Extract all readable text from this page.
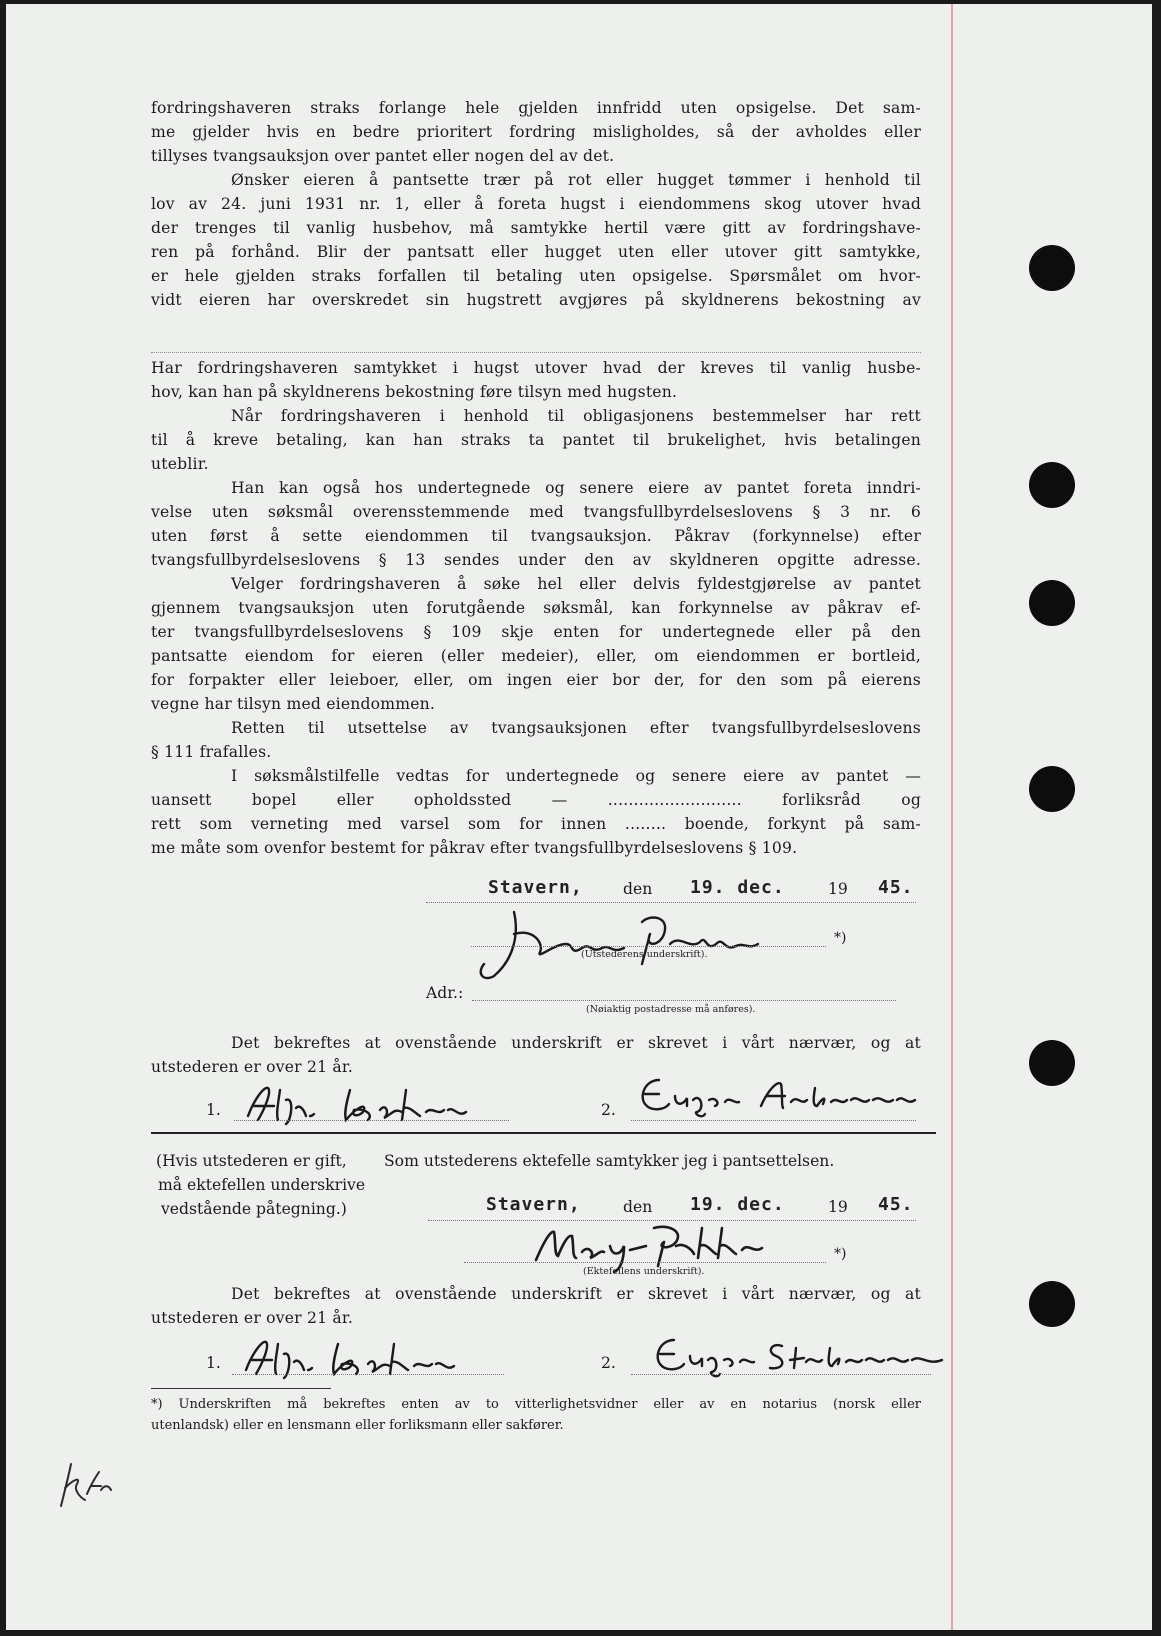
fordringshaveren straks forlange hele gjelden innfridd uten opsigelse. Det sam-
me gjelder hvis en bedre prioritert fordring misligholdes, så der avholdes eller
tillyses tvangsauksjon over pantet eller nogen del av det.
Ønsker eieren å pantsette trær på rot eller hugget tømmer i henhold til
lov av 24. juni 1931 nr. 1, eller å foreta hugst i eiendommens skog utover hvad
der trenges til vanlig husbehov, må samtykke hertil være gitt av fordringshave-
ren på forhånd. Blir der pantsatt eller hugget uten eller utover gitt samtykke,
er hele gjelden straks forfallen til betaling uten opsigelse. Spørsmålet om hvor-
vidt eieren har overskredet sin hugstrett avgjøres på skyldnerens bekostning av
Har fordringshaveren samtykket i hugst utover hvad der kreves til vanlig husbe-
hov, kan han på skyldnerens bekostning føre tilsyn med hugsten.
Når fordringshaveren i henhold til obligasjonens bestemmelser har rett
til å kreve betaling, kan han straks ta pantet til brukelighet, hvis betalingen
uteblir.
Han kan også hos undertegnede og senere eiere av pantet foreta inndri-
velse uten søksmål overensstemmende med tvangsfullbyrdelseslovens § 3 nr. 6
uten først å sette eiendommen til tvangsauksjon. Påkrav (forkynnelse) efter
tvangsfullbyrdelseslovens § 13 sendes under den av skyldneren opgitte adresse.
Velger fordringshaveren å søke hel eller delvis fyldestgjørelse av pantet
gjennem tvangsauksjon uten forutgående søksmål, kan forkynnelse av påkrav ef-
ter tvangsfullbyrdelseslovens § 109 skje enten for undertegnede eller på den
pantsatte eiendom for eieren (eller medeier), eller, om eiendommen er bortleid,
for forpakter eller leieboer, eller, om ingen eier bor der, for den som på eierens
vegne har tilsyn med eiendommen.
Retten til utsettelse av tvangsauksjonen efter tvangsfullbyrdelseslovens
§ 111 frafalles.
I søksmålstilfelle vedtas for undertegnede og senere eiere av pantet —
uansett bopel eller opholdssted — .......................... forliksråd og
rett som verneting med varsel som for innen ........ boende, forkynt på sam-
me måte som ovenfor bestemt for påkrav efter tvangsfullbyrdelseslovens § 109.
Stavern,	den 19. dec.	19 45.
*)
(Utstederens underskrift).
Adr.:
(Nøiaktig postadresse må anføres).
Det bekreftes at ovenstående underskrift er skrevet i vårt nærvær, og at
utstederen er over 21 år.
1.	2.
(Hvis utstederen er gift,
må ektefellen underskrive
vedstående påtegning.)
Som utstederens ektefelle samtykker jeg i pantsettelsen.
Stavern,	den 19. dec.	19 45.
*)
(Ektefellens underskrift).
Det bekreftes at ovenstående underskrift er skrevet i vårt nærvær, og at
utstederen er over 21 år.
1.	2.
*) Underskriften må bekreftes enten av to vitterlighetsvidner eller av en notarius (norsk eller
utenlandsk) eller en lensmann eller forliksmann eller sakfører.
